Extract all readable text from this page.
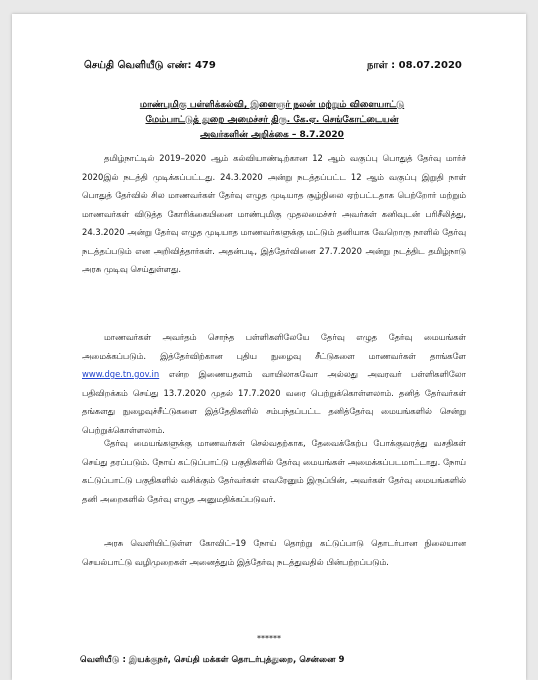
செய்தி வெளியீடு எண்: 479	நாள் : 08.07.2020
மாண்புமிகு பள்ளிக்கல்வி, இளைஞர் நலன் மற்றும் விளையாட்டு
மேம்பாட்டுத் துறை அமைச்சர் திரு. கே.ஏ. செங்கோட்டையன்
அவர்களின் அறிக்கை – 8.7.2020
தமிழ்நாட்டில் 2019–2020 ஆம் கல்வியாண்டிற்கான 12 ஆம் வகுப்பு பொதுத் தேர்வு மார்ச் 2020இல் நடத்தி முடிக்கப்பட்டது. 24.3.2020 அன்று நடத்தப்பட்ட 12 ஆம் வகுப்பு இறுதி நாள் பொதுத் தேர்வில் சில மாணவர்கள் தேர்வு எழுத முடியாத சூழ்நிலை ஏற்பட்டதாக பெற்றோர் மற்றும் மாணவர்கள் விடுத்த கோரிக்கையினை மாண்புமிகு முதலமைச்சர் அவர்கள் கனிவுடன் பரிசீலித்து, 24.3.2020 அன்று தேர்வு எழுத முடியாத மாணவர்களுக்கு மட்டும் தனியாக வேறொரு நாளில் தேர்வு நடத்தப்படும் என அறிவித்தார்கள். அதன்படி, இத்தேர்வினை 27.7.2020 அன்று நடத்திட தமிழ்நாடு அரசு முடிவு செய்துள்ளது.
மாணவர்கள் அவர்தம் சொந்த பள்ளிகளிலேயே தேர்வு எழுத தேர்வு மையங்கள் அமைக்கப்படும். இத்தேர்விற்கான புதிய நுழைவு சீட்டுகளை மாணவர்கள் தாங்களே www.dge.tn.gov.in என்ற இணையதளம் வாயிலாகவோ அல்லது அவரவர் பள்ளிகளிலோ பதிவிறக்கம் செய்து 13.7.2020 முதல் 17.7.2020 வரை பெற்றுக்கொள்ளலாம். தனித் தேர்வர்கள் தங்களது நுழைவுச்சீட்டுகளை இத்தேதிகளில் சம்பந்தப்பட்ட தனித்தேர்வு மையங்களில் சென்று பெற்றுக்கொள்ளலாம்.
தேர்வு மையங்களுக்கு மாணவர்கள் செல்வதற்காக, தேவைக்கேற்ப போக்குவரத்து வசதிகள் செய்து தரப்படும். நோய் கட்டுப்பாட்டு பகுதிகளில் தேர்வு மையங்கள் அமைக்கப்படமாட்டாது. நோய் கட்டுப்பாட்டு பகுதிகளில் வசிக்கும் தேர்வர்கள் எவரேனும் இருப்பின், அவர்கள் தேர்வு மையங்களில் தனி அறைகளில் தேர்வு எழுத அனுமதிக்கப்படுவர்.
அரசு வெளியிட்டுள்ள கோவிட்–19 நோய் தொற்று கட்டுப்பாடு தொடர்பான நிலையான செயல்பாட்டு வழிமுறைகள் அனைத்தும் இத்தேர்வு நடத்துவதில் பின்பற்றப்படும்.
******
வெளியீடு : இயக்குநர், செய்தி மக்கள் தொடர்புத்துறை, சென்னை 9
